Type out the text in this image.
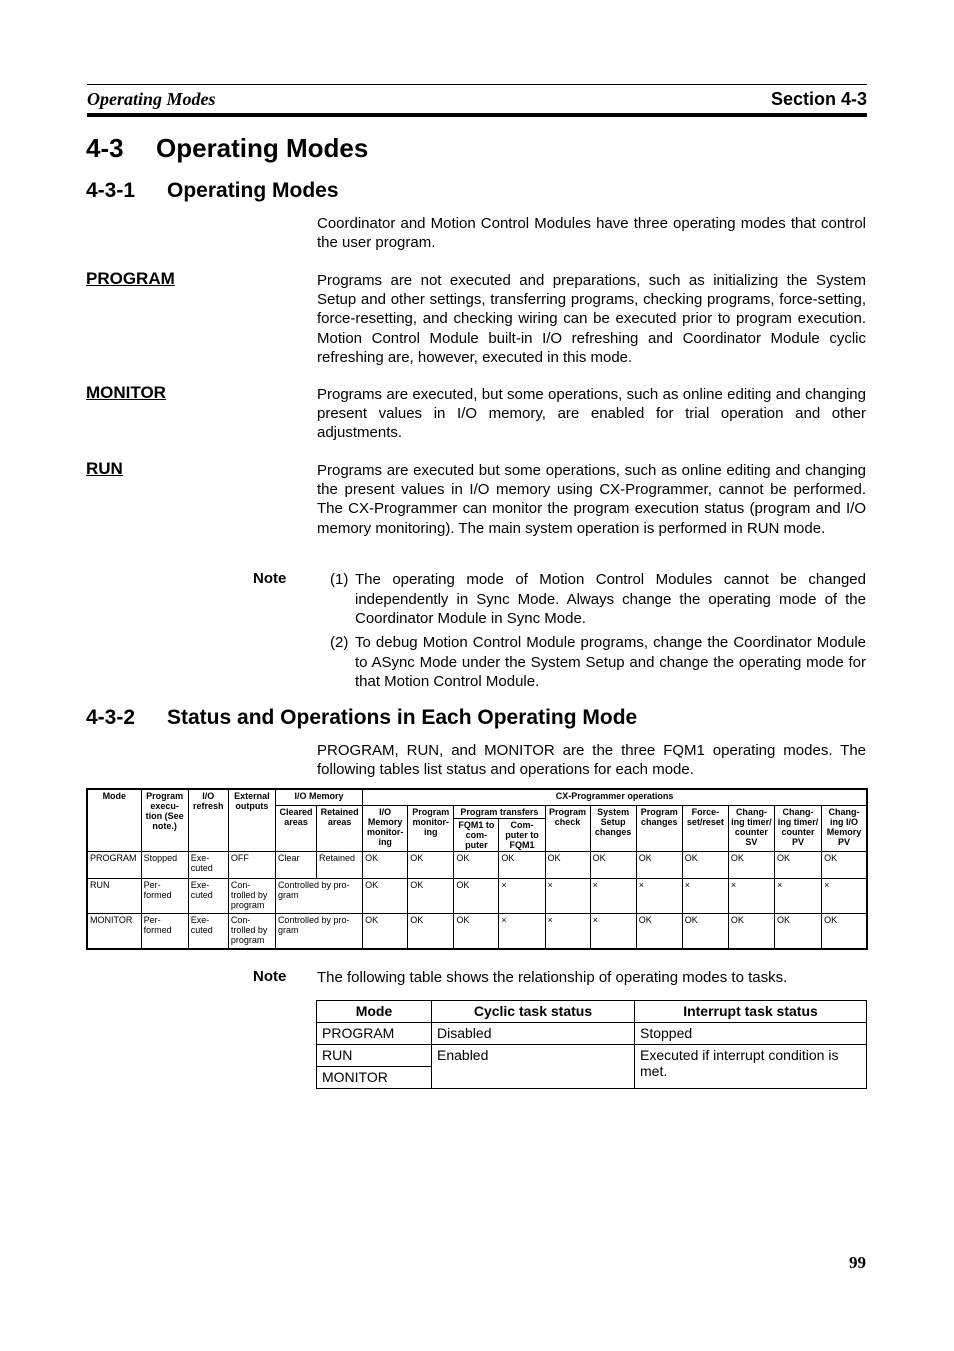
Operating Modes	Section 4-3
4-3 Operating Modes
4-3-1 Operating Modes
Coordinator and Motion Control Modules have three operating modes that control the user program.
PROGRAM	Programs are not executed and preparations, such as initializing the System Setup and other settings, transferring programs, checking programs, force-setting, force-resetting, and checking wiring can be executed prior to program execution. Motion Control Module built-in I/O refreshing and Coordinator Module cyclic refreshing are, however, executed in this mode.
MONITOR	Programs are executed, but some operations, such as online editing and changing present values in I/O memory, are enabled for trial operation and other adjustments.
RUN	Programs are executed but some operations, such as online editing and changing the present values in I/O memory using CX-Programmer, cannot be performed. The CX-Programmer can monitor the program execution status (program and I/O memory monitoring). The main system operation is performed in RUN mode.
Note	(1) The operating mode of Motion Control Modules cannot be changed independently in Sync Mode. Always change the operating mode of the Coordinator Module in Sync Mode.
(2) To debug Motion Control Module programs, change the Coordinator Module to ASync Mode under the System Setup and change the operating mode for that Motion Control Module.
4-3-2 Status and Operations in Each Operating Mode
PROGRAM, RUN, and MONITOR are the three FQM1 operating modes. The following tables list status and operations for each mode.
Mode	Program execu- tion (See note.)	I/O refresh	External outputs	I/O Memory		CX-Programmer operations										
				Cleared areas	Retained areas	I/O Memory monitor- ing	Program monitor- ing	Program transfers		Program check	System Setup changes	Program changes	Force- set/reset	Chang- ing timer/ counter SV	Chang- ing timer/ counter PV	Chang- ing I/O Memory PV
								FQM1 to com- puter	Com- puter to FQM1							
PROGRAM	Stopped	Exe- cuted	OFF	Clear	Retained	OK	OK	OK	OK	OK	OK	OK	OK	OK	OK	OK
RUN	Per- formed	Exe- cuted	Con- trolled by program	Controlled by pro- gram		OK	OK	OK	×	×	×	×	×	×	×	×
MONITOR	Per- formed	Exe- cuted	Con- trolled by program	Controlled by pro- gram		OK	OK	OK	×	×	×	OK	OK	OK	OK	OK
Note The following table shows the relationship of operating modes to tasks.
Mode	Cyclic task status	Interrupt task status
PROGRAM	Disabled	Stopped
RUN	Enabled	Executed if interrupt condition is met.
MONITOR		
99
